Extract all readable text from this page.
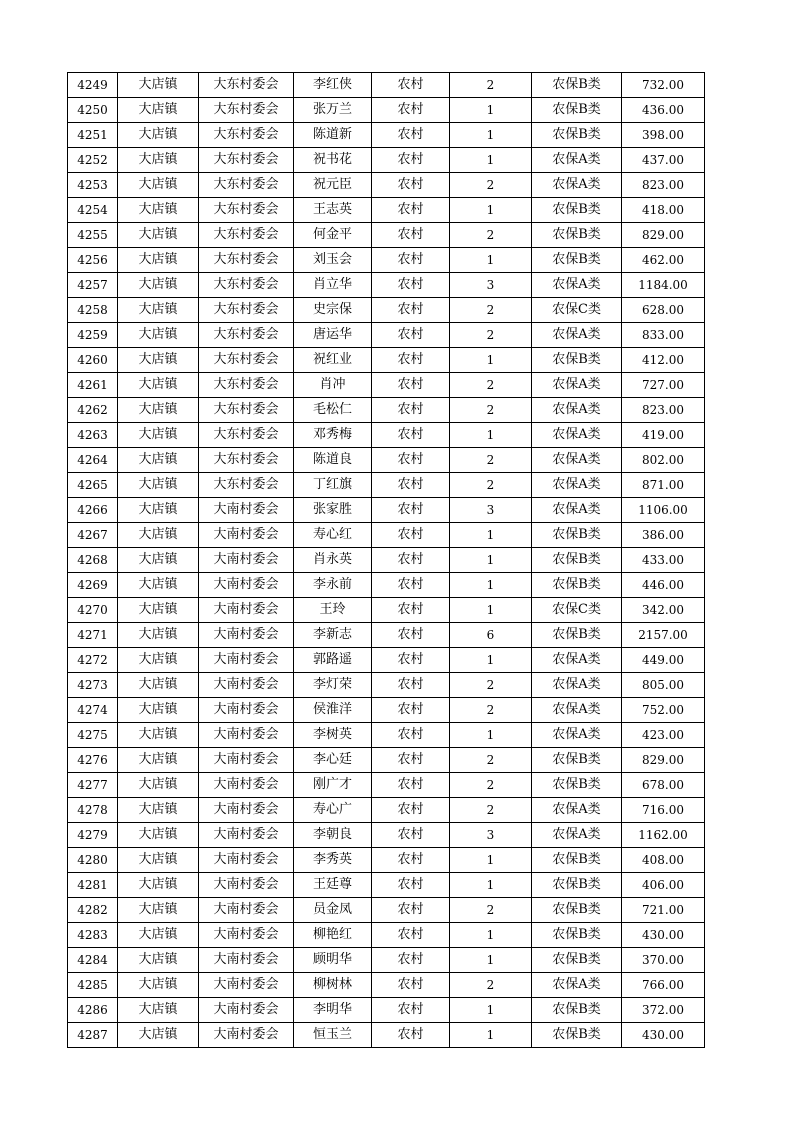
4249	大店镇	大东村委会	李红侠	农村	2	农保B类	732.00
4250	大店镇	大东村委会	张万兰	农村	1	农保B类	436.00
4251	大店镇	大东村委会	陈道新	农村	1	农保B类	398.00
4252	大店镇	大东村委会	祝书花	农村	1	农保A类	437.00
4253	大店镇	大东村委会	祝元臣	农村	2	农保A类	823.00
4254	大店镇	大东村委会	王志英	农村	1	农保B类	418.00
4255	大店镇	大东村委会	何金平	农村	2	农保B类	829.00
4256	大店镇	大东村委会	刘玉会	农村	1	农保B类	462.00
4257	大店镇	大东村委会	肖立华	农村	3	农保A类	1184.00
4258	大店镇	大东村委会	史宗保	农村	2	农保C类	628.00
4259	大店镇	大东村委会	唐运华	农村	2	农保A类	833.00
4260	大店镇	大东村委会	祝红业	农村	1	农保B类	412.00
4261	大店镇	大东村委会	肖冲	农村	2	农保A类	727.00
4262	大店镇	大东村委会	毛松仁	农村	2	农保A类	823.00
4263	大店镇	大东村委会	邓秀梅	农村	1	农保A类	419.00
4264	大店镇	大东村委会	陈道良	农村	2	农保A类	802.00
4265	大店镇	大东村委会	丁红旗	农村	2	农保A类	871.00
4266	大店镇	大南村委会	张家胜	农村	3	农保A类	1106.00
4267	大店镇	大南村委会	寿心红	农村	1	农保B类	386.00
4268	大店镇	大南村委会	肖永英	农村	1	农保B类	433.00
4269	大店镇	大南村委会	李永前	农村	1	农保B类	446.00
4270	大店镇	大南村委会	王玲	农村	1	农保C类	342.00
4271	大店镇	大南村委会	李新志	农村	6	农保B类	2157.00
4272	大店镇	大南村委会	郭路遥	农村	1	农保A类	449.00
4273	大店镇	大南村委会	李灯荣	农村	2	农保A类	805.00
4274	大店镇	大南村委会	侯淮洋	农村	2	农保A类	752.00
4275	大店镇	大南村委会	李树英	农村	1	农保A类	423.00
4276	大店镇	大南村委会	李心廷	农村	2	农保B类	829.00
4277	大店镇	大南村委会	刚广才	农村	2	农保B类	678.00
4278	大店镇	大南村委会	寿心广	农村	2	农保A类	716.00
4279	大店镇	大南村委会	李朝良	农村	3	农保A类	1162.00
4280	大店镇	大南村委会	李秀英	农村	1	农保B类	408.00
4281	大店镇	大南村委会	王廷尊	农村	1	农保B类	406.00
4282	大店镇	大南村委会	员金凤	农村	2	农保B类	721.00
4283	大店镇	大南村委会	柳艳红	农村	1	农保B类	430.00
4284	大店镇	大南村委会	顾明华	农村	1	农保B类	370.00
4285	大店镇	大南村委会	柳树林	农村	2	农保A类	766.00
4286	大店镇	大南村委会	李明华	农村	1	农保B类	372.00
4287	大店镇	大南村委会	恒玉兰	农村	1	农保B类	430.00
